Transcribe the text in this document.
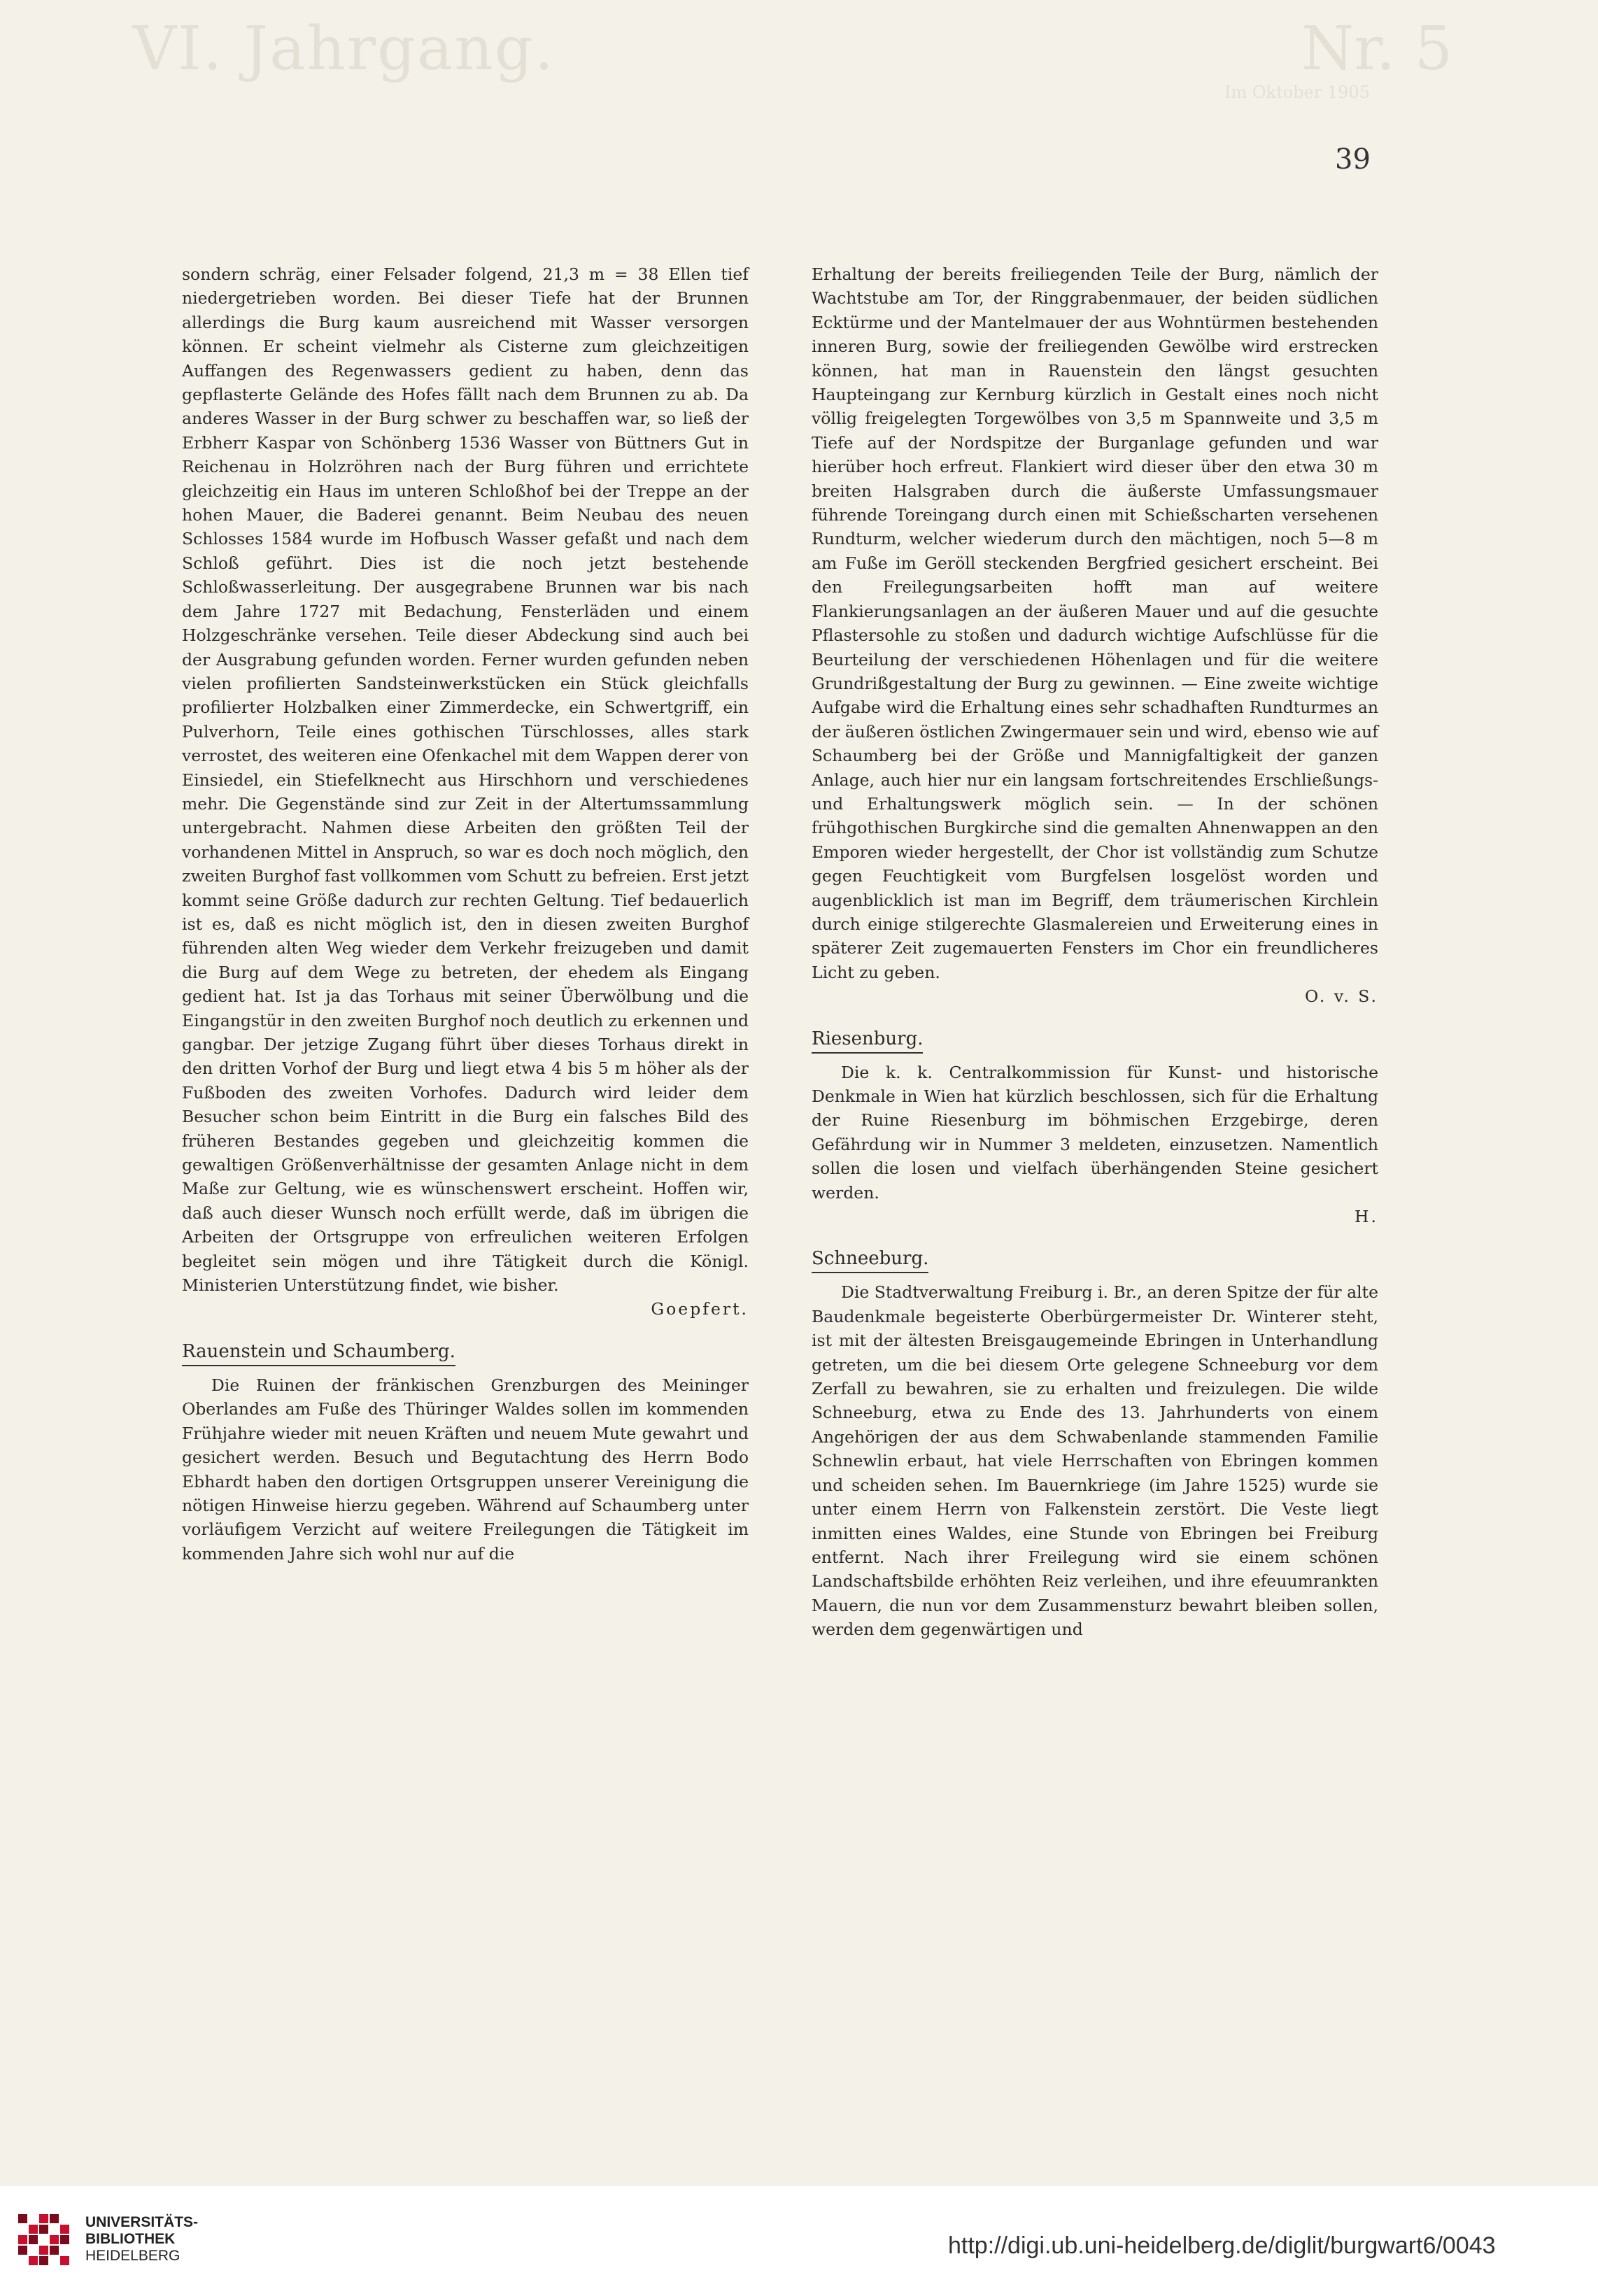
VI. Jahrgang.	Nr. 5
Im Oktober 1905
39

sondern schräg, einer Felsader folgend, 21,3 m = 38 Ellen tief niedergetrieben worden. Bei dieser Tiefe hat der Brunnen allerdings die Burg kaum ausreichend mit Wasser versorgen können. Er scheint vielmehr als Cisterne zum gleichzeitigen Auffangen des Regenwassers gedient zu haben, denn das gepflasterte Gelände des Hofes fällt nach dem Brunnen zu ab. Da anderes Wasser in der Burg schwer zu beschaffen war, so ließ der Erbherr Kaspar von Schönberg 1536 Wasser von Büttners Gut in Reichenau in Holzröhren nach der Burg führen und errichtete gleichzeitig ein Haus im unteren Schloßhof bei der Treppe an der hohen Mauer, die Baderei genannt. Beim Neubau des neuen Schlosses 1584 wurde im Hofbusch Wasser gefaßt und nach dem Schloß geführt. Dies ist die noch jetzt bestehende Schloßwasserleitung. Der ausgegrabene Brunnen war bis nach dem Jahre 1727 mit Bedachung, Fensterläden und einem Holzgeschränke versehen. Teile dieser Abdeckung sind auch bei der Ausgrabung gefunden worden. Ferner wurden gefunden neben vielen profilierten Sandsteinwerkstücken ein Stück gleichfalls profilierter Holzbalken einer Zimmerdecke, ein Schwertgriff, ein Pulverhorn, Teile eines gothischen Türschlosses, alles stark verrostet, des weiteren eine Ofenkachel mit dem Wappen derer von Einsiedel, ein Stiefelknecht aus Hirschhorn und verschiedenes mehr. Die Gegenstände sind zur Zeit in der Altertumssammlung untergebracht. Nahmen diese Arbeiten den größten Teil der vorhandenen Mittel in Anspruch, so war es doch noch möglich, den zweiten Burghof fast vollkommen vom Schutt zu befreien. Erst jetzt kommt seine Größe dadurch zur rechten Geltung. Tief bedauerlich ist es, daß es nicht möglich ist, den in diesen zweiten Burghof führenden alten Weg wieder dem Verkehr freizugeben und damit die Burg auf dem Wege zu betreten, der ehedem als Eingang gedient hat. Ist ja das Torhaus mit seiner Überwölbung und die Eingangstür in den zweiten Burghof noch deutlich zu erkennen und gangbar. Der jetzige Zugang führt über dieses Torhaus direkt in den dritten Vorhof der Burg und liegt etwa 4 bis 5 m höher als der Fußboden des zweiten Vorhofes. Dadurch wird leider dem Besucher schon beim Eintritt in die Burg ein falsches Bild des früheren Bestandes gegeben und gleichzeitig kommen die gewaltigen Größenverhältnisse der gesamten Anlage nicht in dem Maße zur Geltung, wie es wünschenswert erscheint. Hoffen wir, daß auch dieser Wunsch noch erfüllt werde, daß im übrigen die Arbeiten der Ortsgruppe von erfreulichen weiteren Erfolgen begleitet sein mögen und ihre Tätigkeit durch die Königl. Ministerien Unterstützung findet, wie bisher.
Goepfert.

Rauenstein und Schaumberg.

Die Ruinen der fränkischen Grenzburgen des Meininger Oberlandes am Fuße des Thüringer Waldes sollen im kommenden Frühjahre wieder mit neuen Kräften und neuem Mute gewahrt und gesichert werden. Besuch und Begutachtung des Herrn Bodo Ebhardt haben den dortigen Ortsgruppen unserer Vereinigung die nötigen Hinweise hierzu gegeben. Während auf Schaumberg unter vorläufigem Verzicht auf weitere Freilegungen die Tätigkeit im kommenden Jahre sich wohl nur auf die

Erhaltung der bereits freiliegenden Teile der Burg, nämlich der Wachtstube am Tor, der Ringgrabenmauer, der beiden südlichen Ecktürme und der Mantelmauer der aus Wohntürmen bestehenden inneren Burg, sowie der freiliegenden Gewölbe wird erstrecken können, hat man in Rauenstein den längst gesuchten Haupteingang zur Kernburg kürzlich in Gestalt eines noch nicht völlig freigelegten Torgewölbes von 3,5 m Spannweite und 3,5 m Tiefe auf der Nordspitze der Burganlage gefunden und war hierüber hoch erfreut. Flankiert wird dieser über den etwa 30 m breiten Halsgraben durch die äußerste Umfassungsmauer führende Toreingang durch einen mit Schießscharten versehenen Rundturm, welcher wiederum durch den mächtigen, noch 5—8 m am Fuße im Geröll steckenden Bergfried gesichert erscheint. Bei den Freilegungsarbeiten hofft man auf weitere Flankierungsanlagen an der äußeren Mauer und auf die gesuchte Pflastersohle zu stoßen und dadurch wichtige Aufschlüsse für die Beurteilung der verschiedenen Höhenlagen und für die weitere Grundrißgestaltung der Burg zu gewinnen. — Eine zweite wichtige Aufgabe wird die Erhaltung eines sehr schadhaften Rundturmes an der äußeren östlichen Zwingermauer sein und wird, ebenso wie auf Schaumberg bei der Größe und Mannigfaltigkeit der ganzen Anlage, auch hier nur ein langsam fortschreitendes Erschließungs- und Erhaltungswerk möglich sein. — In der schönen frühgothischen Burgkirche sind die gemalten Ahnenwappen an den Emporen wieder hergestellt, der Chor ist vollständig zum Schutze gegen Feuchtigkeit vom Burgfelsen losgelöst worden und augenblicklich ist man im Begriff, dem träumerischen Kirchlein durch einige stilgerechte Glasmalereien und Erweiterung eines in späterer Zeit zugemauerten Fensters im Chor ein freundlicheres Licht zu geben.
O. v. S.

Riesenburg.

Die k. k. Centralkommission für Kunst- und historische Denkmale in Wien hat kürzlich beschlossen, sich für die Erhaltung der Ruine Riesenburg im böhmischen Erzgebirge, deren Gefährdung wir in Nummer 3 meldeten, einzusetzen. Namentlich sollen die losen und vielfach überhängenden Steine gesichert werden.
H.

Schneeburg.

Die Stadtverwaltung Freiburg i. Br., an deren Spitze der für alte Baudenkmale begeisterte Oberbürgermeister Dr. Winterer steht, ist mit der ältesten Breisgaugemeinde Ebringen in Unterhandlung getreten, um die bei diesem Orte gelegene Schneeburg vor dem Zerfall zu bewahren, sie zu erhalten und freizulegen. Die wilde Schneeburg, etwa zu Ende des 13. Jahrhunderts von einem Angehörigen der aus dem Schwabenlande stammenden Familie Schnewlin erbaut, hat viele Herrschaften von Ebringen kommen und scheiden sehen. Im Bauernkriege (im Jahre 1525) wurde sie unter einem Herrn von Falkenstein zerstört. Die Veste liegt inmitten eines Waldes, eine Stunde von Ebringen bei Freiburg entfernt. Nach ihrer Freilegung wird sie einem schönen Landschaftsbilde erhöhten Reiz verleihen, und ihre efeuumrankten Mauern, die nun vor dem Zusammensturz bewahrt bleiben sollen, werden dem gegenwärtigen und

UNIVERSITÄTS-
BIBLIOTHEK
HEIDELBERG	http://digi.ub.uni-heidelberg.de/diglit/burgwart6/0043
